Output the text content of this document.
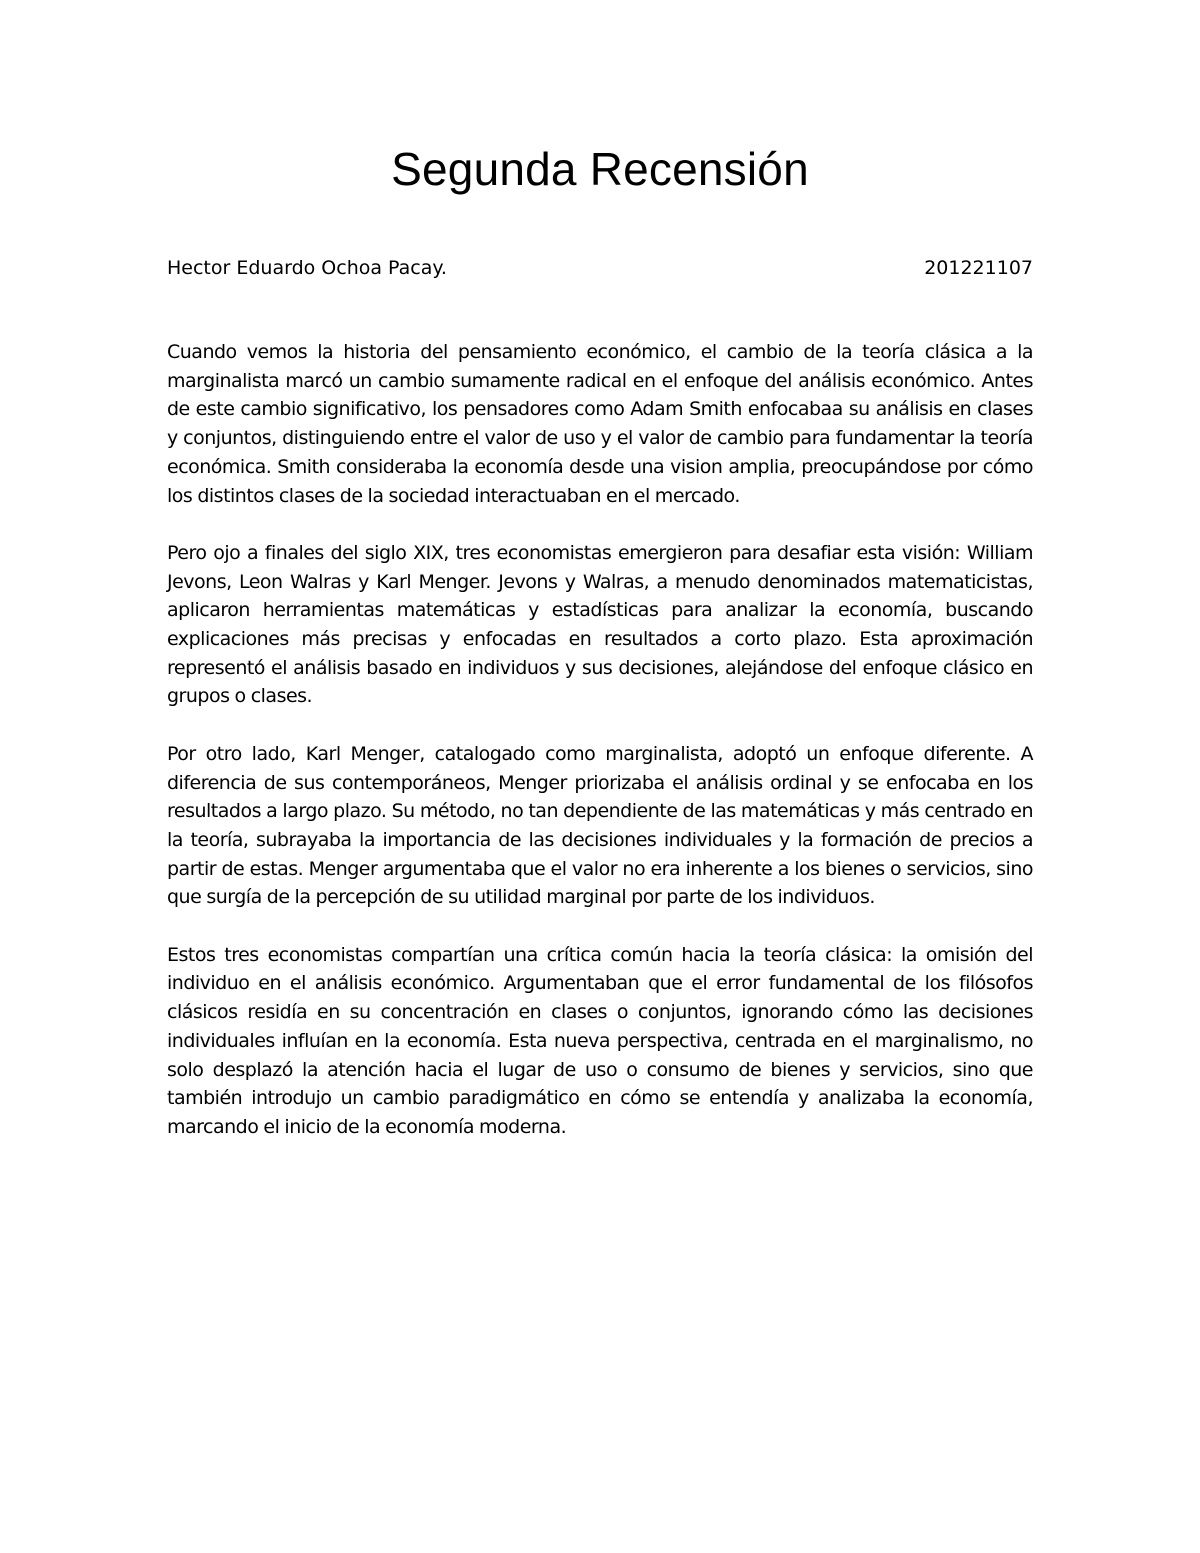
Segunda Recensión
Hector Eduardo Ochoa Pacay.	201221107

Cuando vemos la historia del pensamiento económico, el cambio de la teoría clásica a la marginalista marcó un cambio sumamente radical en el enfoque del análisis económico. Antes de este cambio significativo, los pensadores como Adam Smith enfocabaa su análisis en clases y conjuntos, distinguiendo entre el valor de uso y el valor de cambio para fundamentar la teoría económica. Smith consideraba la economía desde una vision amplia, preocupándose por cómo los distintos clases de la sociedad interactuaban en el mercado.

Pero ojo a finales del siglo XIX, tres economistas emergieron para desafiar esta visión: William Jevons, Leon Walras y Karl Menger. Jevons y Walras, a menudo denominados matematicistas, aplicaron herramientas matemáticas y estadísticas para analizar la economía, buscando explicaciones más precisas y enfocadas en resultados a corto plazo. Esta aproximación representó el análisis basado en individuos y sus decisiones, alejándose del enfoque clásico en grupos o clases.

Por otro lado, Karl Menger, catalogado como marginalista, adoptó un enfoque diferente. A diferencia de sus contemporáneos, Menger priorizaba el análisis ordinal y se enfocaba en los resultados a largo plazo. Su método, no tan dependiente de las matemáticas y más centrado en la teoría, subrayaba la importancia de las decisiones individuales y la formación de precios a partir de estas. Menger argumentaba que el valor no era inherente a los bienes o servicios, sino que surgía de la percepción de su utilidad marginal por parte de los individuos.

Estos tres economistas compartían una crítica común hacia la teoría clásica: la omisión del individuo en el análisis económico. Argumentaban que el error fundamental de los filósofos clásicos residía en su concentración en clases o conjuntos, ignorando cómo las decisiones individuales influían en la economía. Esta nueva perspectiva, centrada en el marginalismo, no solo desplazó la atención hacia el lugar de uso o consumo de bienes y servicios, sino que también introdujo un cambio paradigmático en cómo se entendía y analizaba la economía, marcando el inicio de la economía moderna.
